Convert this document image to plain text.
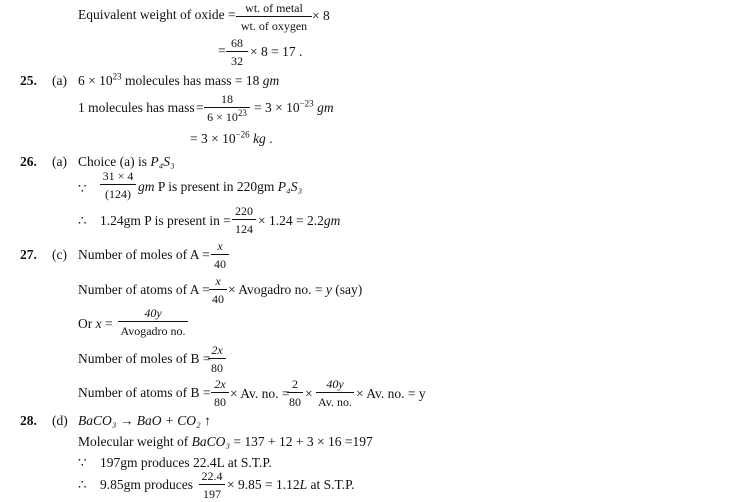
Equivalent weight of oxide = wt. of metal
wt. of oxygen
× 8
= $\frac{68}{32} \times 8 = 17$ .
25. (a) $6 \times 10^{23}$ molecules has mass = 18 gm
1 molecules has mass = $\frac{18}{6 \times 10^{23}} = 3 \times 10^{-23}$ gm
= $3 \times 10^{-26}$ kg .
26. (a) Choice (a) is P₄S₃
∵ $\frac{31 \times 4}{(124)}$ gm P is present in 220gm P₄S₃
∴ 1.24gm P is present in = $\frac{220}{124} \times 1.24 = 2.2gm$
27. (c) Number of moles of $A = \frac{x}{40}$
Number of atoms of $A = \frac{x}{40}$ × Avogadro no. = y (say)
Or x =
40y
Avogadro no.
Number of moles of B =
$\frac{2x}{80}$
Number of atoms of $B = \frac{2x}{80} \times Av$. no. =
$\frac{2}{80} \times \frac{40y}{Av. no.} \times Av$. no. = y
28. (d) BaCO₃ → BaO + CO₂ ↑
Molecular weight of BaCO₃ = 137 + 12 + 3 × 16 =197
∵ 197gm produces 22.4L at S.T.P.
∴ 9.85gm produces $\frac{22.4}{197} \times 9.85 = 1.12L$ at S.T.P.
